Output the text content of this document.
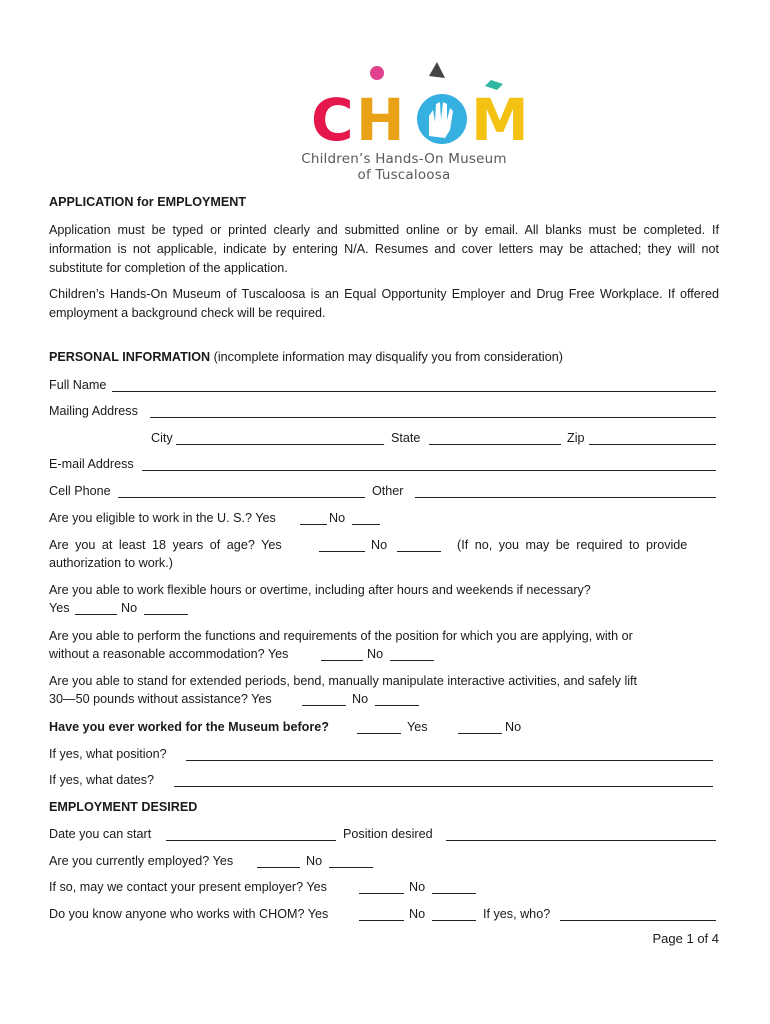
C H M
Children’s Hands-On Museum
of Tuscaloosa
APPLICATION for EMPLOYMENT
Application must be typed or printed clearly and submitted online or by email. All blanks must be completed. If information is not applicable, indicate by entering N/A. Resumes and cover letters may be attached; they will not substitute for completion of the application.
Children’s Hands-On Museum of Tuscaloosa is an Equal Opportunity Employer and Drug Free Workplace. If offered employment a background check will be required.
PERSONAL INFORMATION (incomplete information may disqualify you from consideration)
Full Name
Mailing Address
City	State	Zip
E-mail Address
Cell Phone	Other
Are you eligible to work in the U. S.? Yes	No
Are you at least 18 years of age? Yes	No	(If no, you may be required to provide
authorization to work.)
Are you able to work flexible hours or overtime, including after hours and weekends if necessary?
Yes	No
Are you able to perform the functions and requirements of the position for which you are applying, with or
without a reasonable accommodation? Yes	No
Are you able to stand for extended periods, bend, manually manipulate interactive activities, and safely lift
30—50 pounds without assistance? Yes	No
Have you ever worked for the Museum before?	Yes	No
If yes, what position?
If yes, what dates?
EMPLOYMENT DESIRED
Date you can start	Position desired
Are you currently employed? Yes	No
If so, may we contact your present employer? Yes	No
Do you know anyone who works with CHOM? Yes	No	If yes, who?
Page 1 of 4
